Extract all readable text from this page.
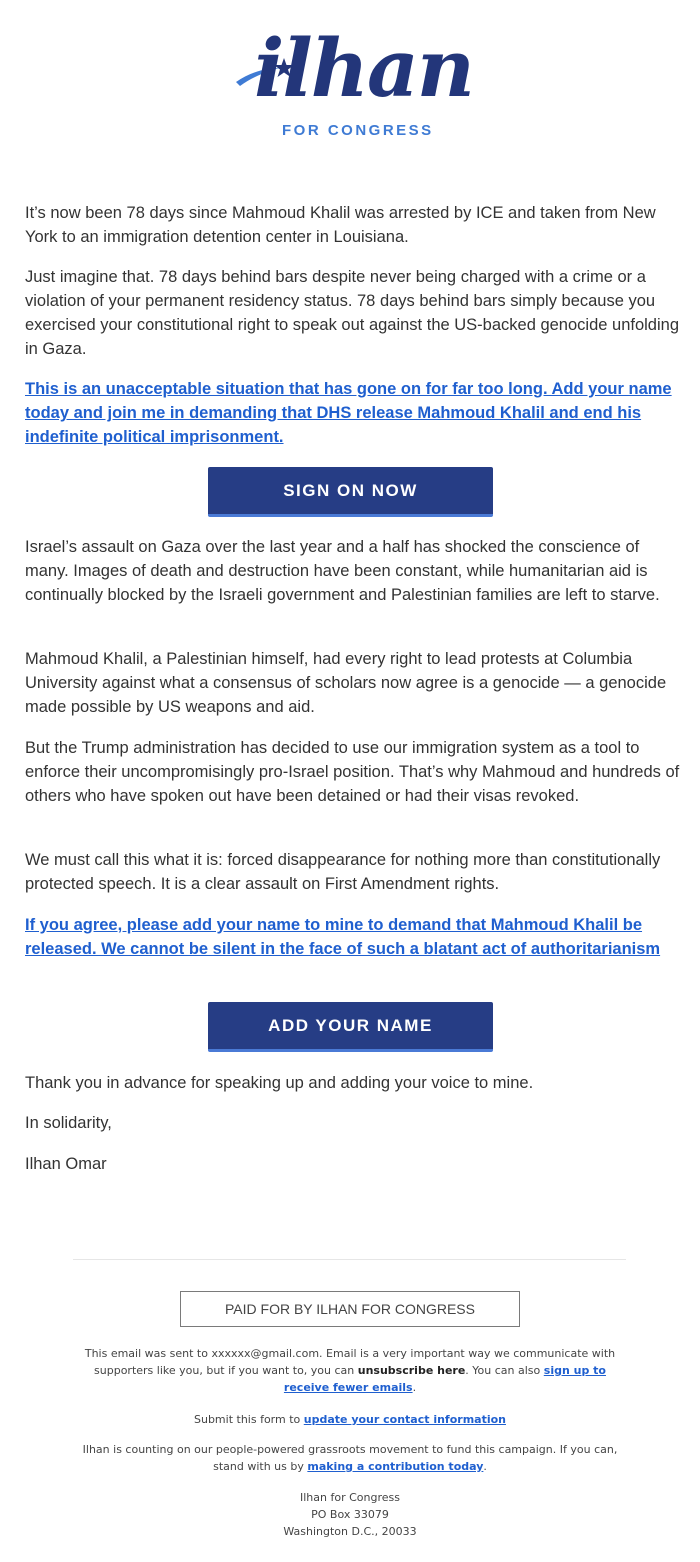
ilhan
FOR CONGRESS

It’s now been 78 days since Mahmoud Khalil was arrested by ICE and taken from New York to an immigration detention center in Louisiana.

Just imagine that. 78 days behind bars despite never being charged with a crime or a violation of your permanent residency status. 78 days behind bars simply because you exercised your constitutional right to speak out against the US-backed genocide unfolding in Gaza.

This is an unacceptable situation that has gone on for far too long. Add your name today and join me in demanding that DHS release Mahmoud Khalil and end his indefinite political imprisonment.

SIGN ON NOW

Israel’s assault on Gaza over the last year and a half has shocked the conscience of many. Images of death and destruction have been constant, while humanitarian aid is continually blocked by the Israeli government and Palestinian families are left to starve.

Mahmoud Khalil, a Palestinian himself, had every right to lead protests at Columbia University against what a consensus of scholars now agree is a genocide — a genocide made possible by US weapons and aid.

But the Trump administration has decided to use our immigration system as a tool to enforce their uncompromisingly pro-Israel position. That’s why Mahmoud and hundreds of others who have spoken out have been detained or had their visas revoked.

We must call this what it is: forced disappearance for nothing more than constitutionally protected speech. It is a clear assault on First Amendment rights.

If you agree, please add your name to mine to demand that Mahmoud Khalil be released. We cannot be silent in the face of such a blatant act of authoritarianism

ADD YOUR NAME

Thank you in advance for speaking up and adding your voice to mine.

In solidarity,

Ilhan Omar

PAID FOR BY ILHAN FOR CONGRESS

This email was sent to xxxxxx@gmail.com. Email is a very important way we communicate with supporters like you, but if you want to, you can unsubscribe here. You can also sign up to receive fewer emails.

Submit this form to update your contact information

Ilhan is counting on our people-powered grassroots movement to fund this campaign. If you can, stand with us by making a contribution today.

Ilhan for Congress
PO Box 33079
Washington D.C., 20033
